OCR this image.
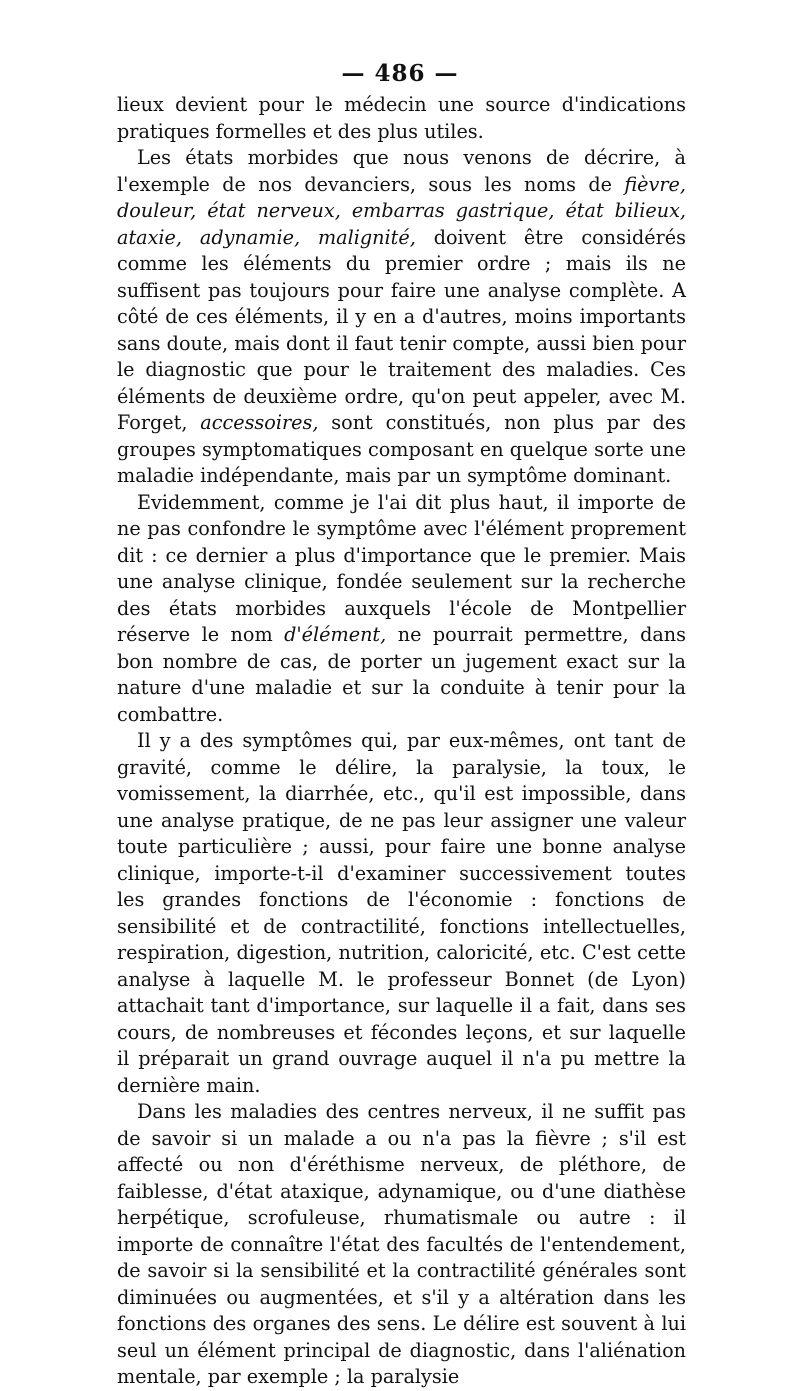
— 486 —

lieux devient pour le médecin une source d'indications pratiques formelles et des plus utiles.

Les états morbides que nous venons de décrire, à l'exemple de nos devanciers, sous les noms de fièvre, douleur, état nerveux, embarras gastrique, état bilieux, ataxie, adynamie, malignité, doivent être considérés comme les éléments du premier ordre ; mais ils ne suffisent pas toujours pour faire une analyse complète. A côté de ces éléments, il y en a d'autres, moins importants sans doute, mais dont il faut tenir compte, aussi bien pour le diagnostic que pour le traitement des maladies. Ces éléments de deuxième ordre, qu'on peut appeler, avec M. Forget, accessoires, sont constitués, non plus par des groupes symptomatiques composant en quelque sorte une maladie indépendante, mais par un symptôme dominant.

Evidemment, comme je l'ai dit plus haut, il importe de ne pas confondre le symptôme avec l'élément proprement dit : ce dernier a plus d'importance que le premier. Mais une analyse clinique, fondée seulement sur la recherche des états morbides auxquels l'école de Montpellier réserve le nom d'élément, ne pourrait permettre, dans bon nombre de cas, de porter un jugement exact sur la nature d'une maladie et sur la conduite à tenir pour la combattre.

Il y a des symptômes qui, par eux-mêmes, ont tant de gravité, comme le délire, la paralysie, la toux, le vomissement, la diarrhée, etc., qu'il est impossible, dans une analyse pratique, de ne pas leur assigner une valeur toute particulière ; aussi, pour faire une bonne analyse clinique, importe-t-il d'examiner successivement toutes les grandes fonctions de l'économie : fonctions de sensibilité et de contractilité, fonctions intellectuelles, respiration, digestion, nutrition, caloricité, etc. C'est cette analyse à laquelle M. le professeur Bonnet (de Lyon) attachait tant d'importance, sur laquelle il a fait, dans ses cours, de nombreuses et fécondes leçons, et sur laquelle il préparait un grand ouvrage auquel il n'a pu mettre la dernière main.

Dans les maladies des centres nerveux, il ne suffit pas de savoir si un malade a ou n'a pas la fièvre ; s'il est affecté ou non d'éréthisme nerveux, de pléthore, de faiblesse, d'état ataxique, adynamique, ou d'une diathèse herpétique, scrofuleuse, rhumatismale ou autre : il importe de connaître l'état des facultés de l'entendement, de savoir si la sensibilité et la contractilité générales sont diminuées ou augmentées, et s'il y a altération dans les fonctions des organes des sens. Le délire est souvent à lui seul un élément principal de diagnostic, dans l'aliénation mentale, par exemple ; la paralysie
